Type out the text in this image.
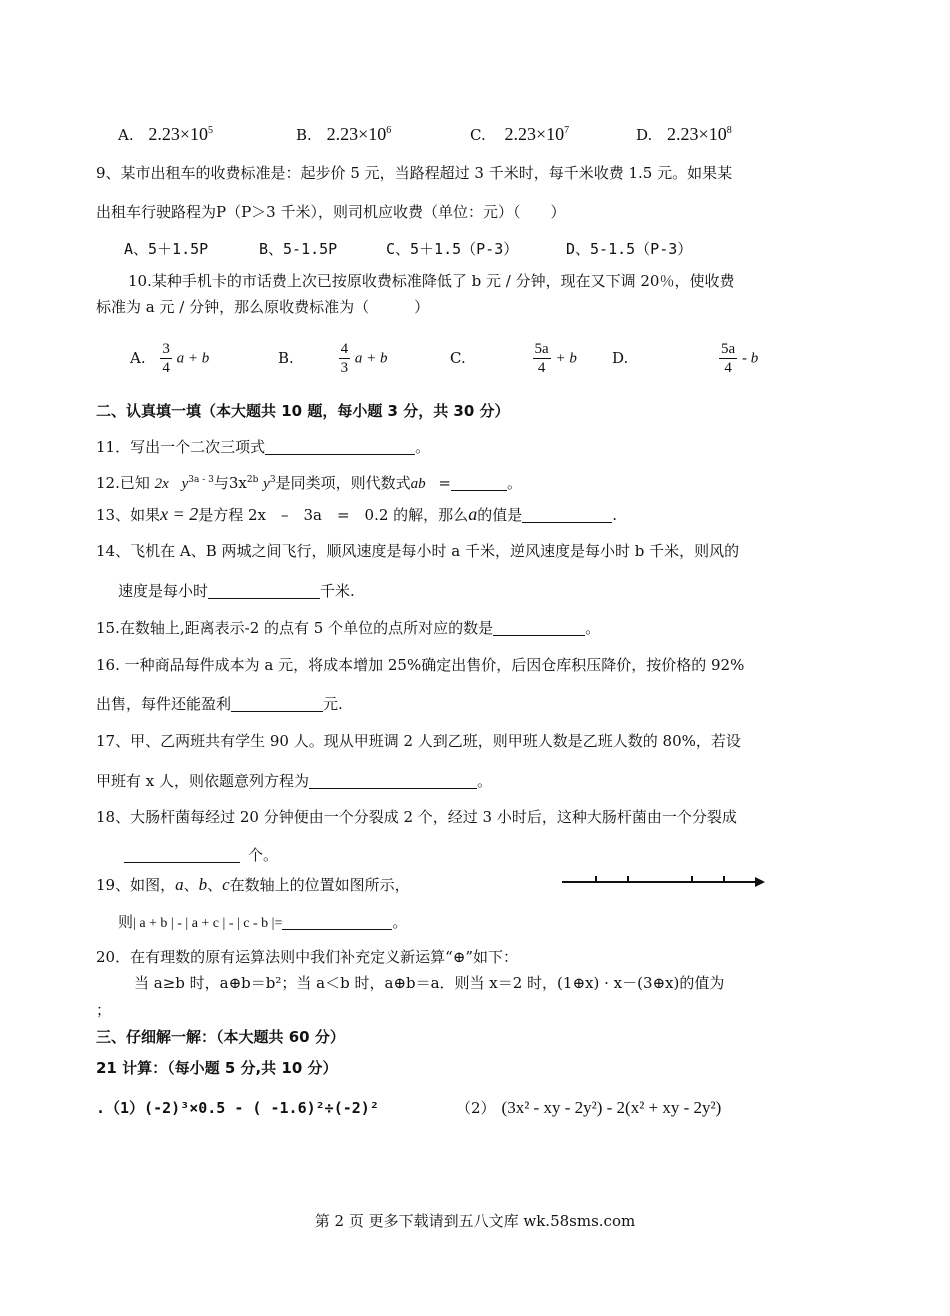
A. $2.23\times 10^5$	B. $2.23\times 10^6$	C. $2.23\times 10^7$	D. $2.23\times 10^8$
9、某市出租车的收费标准是：起步价 5 元，当路程超过 3 千米时，每千米收费 1.5 元。如果某
出租车行驶路程为P（P＞3 千米），则司机应收费（单位：元）（　　）
A、5＋1.5P	B、5-1.5P	C、5＋1.5（P-3）	D、5-1.5（P-3）
10.某种手机卡的市话费上次已按原收费标准降低了 b 元 / 分钟，现在又下调 20％，使收费
标准为 a 元 / 分钟，那么原收费标准为（　　　）
A. $\frac{3}{4}$ a + b	B.	$\frac{4}{3}$ a + b	C.	$\frac{5a}{4} + b$ D.	$\frac{5a}{4}$ - b
二、认真填一填（本大题共 10 题，每小题 3 分，共 30 分）
11．写出一个二次三项式	。
12.已知 2x $y^{3a - 3}$与$3x^{2b}$ $y^3$是同类项，则代数式ab =	。
13、如果x = 2是方程 2x　–　3a　=　0.2 的解，那么a的值是	.
14、飞机在 A、B 两城之间飞行，顺风速度是每小时 a 千米，逆风速度是每小时 b 千米，则风的
速度是每小时	千米.
15.在数轴上,距离表示-2 的点有 5 个单位的点所对应的数是	。
16. 一种商品每件成本为 a 元，将成本增加 25%确定出售价，后因仓库积压降价，按价格的 92%
出售，每件还能盈利	元.
17、甲、乙两班共有学生 90 人。现从甲班调 2 人到乙班，则甲班人数是乙班人数的 80%，若设
甲班有 x 人，则依题意列方程为	。
18、大肠杆菌每经过 20 分钟便由一个分裂成 2 个，经过 3 小时后，这种大肠杆菌由一个分裂成
个。
19、如图，a、b、c在数轴上的位置如图所示，
则| a + b | - | a + c | - | c - b |=	。
20．在有理数的原有运算法则中我们补充定义新运算“⊕”如下：
当 a≥b 时，a⊕b＝b²；当 a＜b 时，a⊕b＝a．则当 x＝2 时，(1⊕x) · x－(3⊕x)的值为
；
三、仔细解一解：（本大题共 60 分）
21 计算：（每小题 5 分,共 10 分）
.（1）(-2)³×0.5 - ( -1.6)²÷(-2)²	（2） (3x² - xy - 2y²) - 2(x² + xy - 2y²)
第 2 页 更多下载请到五八文库 wk.58sms.com
